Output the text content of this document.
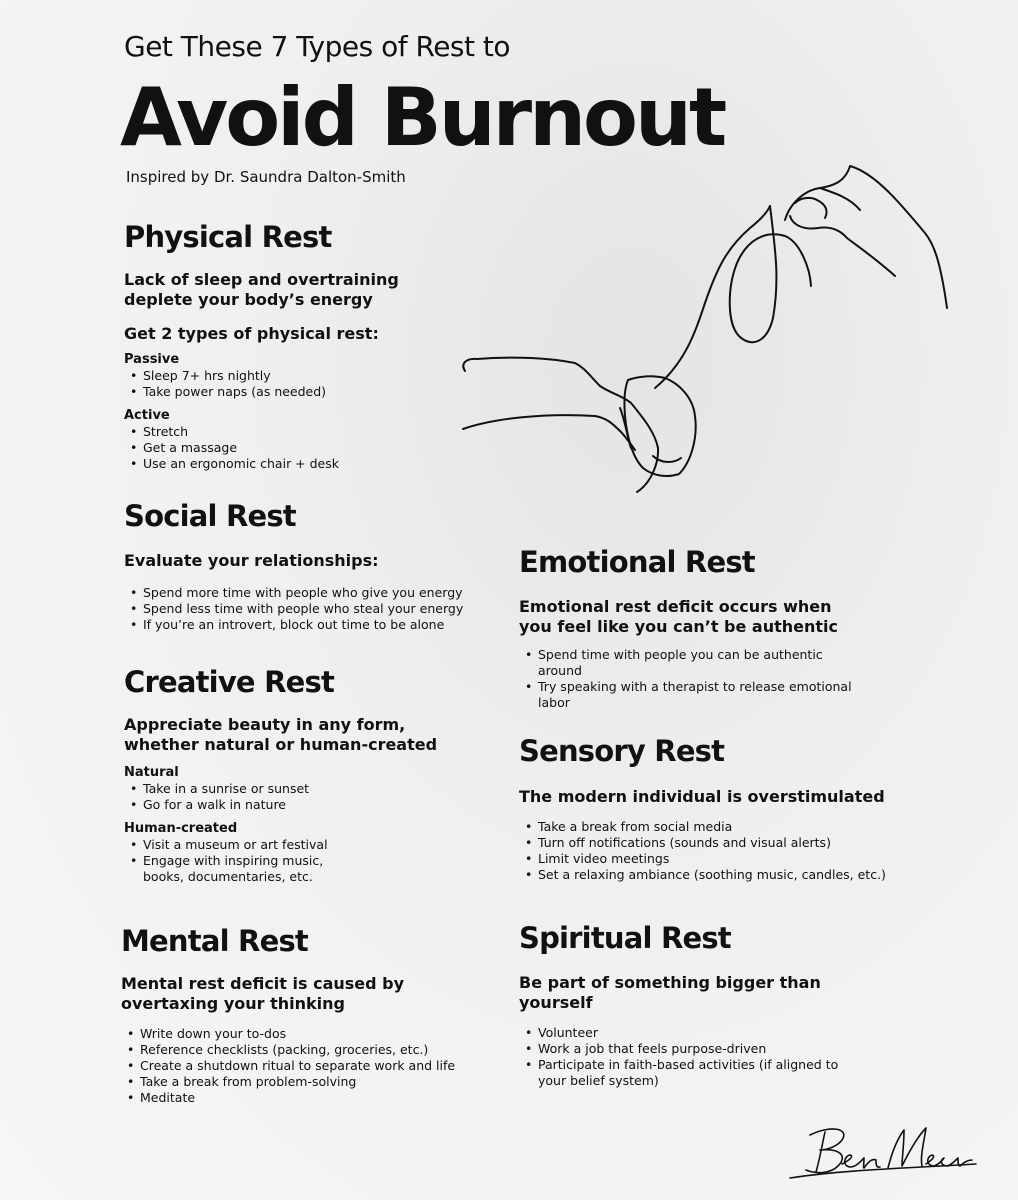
Get These 7 Types of Rest to
Avoid Burnout
Inspired by Dr. Saundra Dalton-Smith
Physical Rest

Lack of sleep and overtraining deplete your body’s energy

Get 2 types of physical rest:

Passive

• Sleep 7+ hrs nightly
• Take power naps (as needed)

Active

• Stretch
• Get a massage
• Use an ergonomic chair + desk
Social Rest

Evaluate your relationships:

• Spend more time with people who give you energy
• Spend less time with people who steal your energy
• If you’re an introvert, block out time to be alone
Creative Rest

Appreciate beauty in any form, whether natural or human-created

Natural

• Take in a sunrise or sunset
• Go for a walk in nature

Human-created

• Visit a museum or art festival
• Engage with inspiring music, books, documentaries, etc.
Mental Rest

Mental rest deficit is caused by overtaxing your thinking

• Write down your to-dos
• Reference checklists (packing, groceries, etc.)
• Create a shutdown ritual to separate work and life
• Take a break from problem-solving
• Meditate
Emotional Rest

Emotional rest deficit occurs when you feel like you can’t be authentic

• Spend time with people you can be authentic around
• Try speaking with a therapist to release emotional labor
Sensory Rest

The modern individual is overstimulated

• Take a break from social media
• Turn off notifications (sounds and visual alerts)
• Limit video meetings
• Set a relaxing ambiance (soothing music, candles, etc.)
Spiritual Rest

Be part of something bigger than yourself

• Volunteer
• Work a job that feels purpose-driven
• Participate in faith-based activities (if aligned to your belief system)
